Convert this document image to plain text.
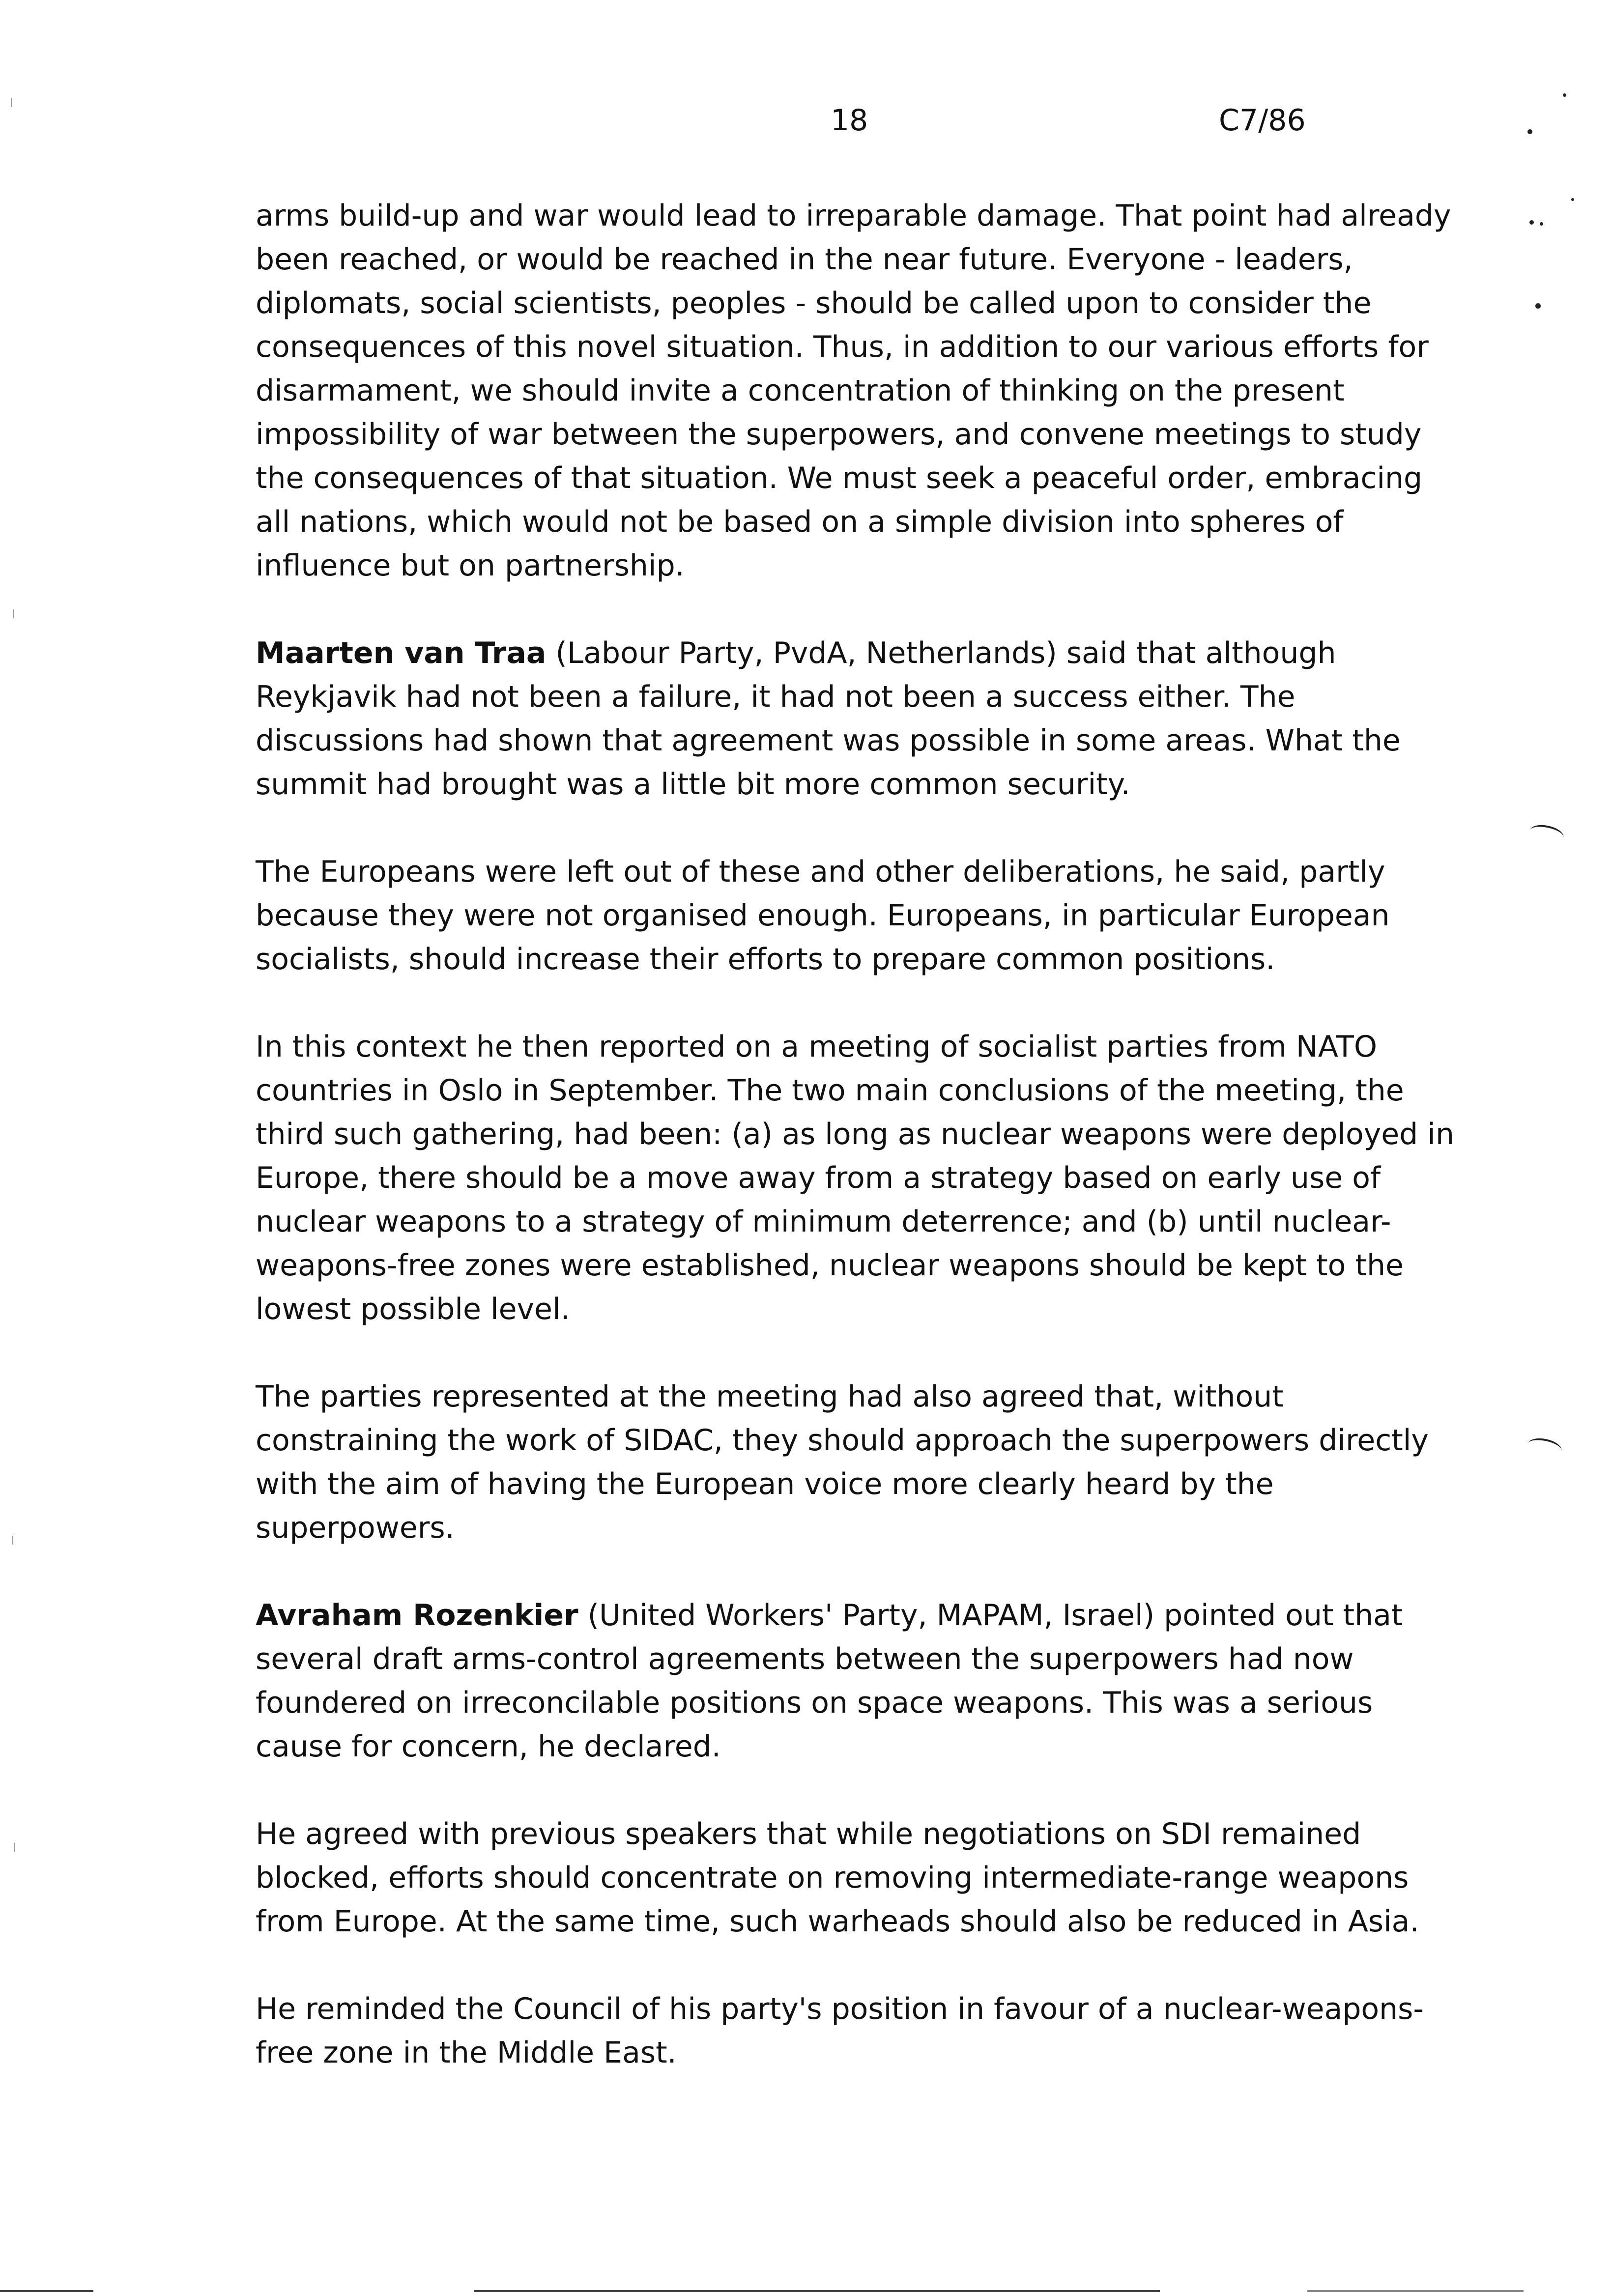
18	C7/86

arms build-up and war would lead to irreparable damage. That point had already been reached, or would be reached in the near future. Everyone - leaders, diplomats, social scientists, peoples - should be called upon to consider the consequences of this novel situation. Thus, in addition to our various efforts for disarmament, we should invite a concentration of thinking on the present impossibility of war between the superpowers, and convene meetings to study the consequences of that situation. We must seek a peaceful order, embracing all nations, which would not be based on a simple division into spheres of influence but on partnership.

Maarten van Traa (Labour Party, PvdA, Netherlands) said that although Reykjavik had not been a failure, it had not been a success either. The discussions had shown that agreement was possible in some areas. What the summit had brought was a little bit more common security.

The Europeans were left out of these and other deliberations, he said, partly because they were not organised enough. Europeans, in particular European socialists, should increase their efforts to prepare common positions.

In this context he then reported on a meeting of socialist parties from NATO countries in Oslo in September. The two main conclusions of the meeting, the third such gathering, had been: (a) as long as nuclear weapons were deployed in Europe, there should be a move away from a strategy based on early use of nuclear weapons to a strategy of minimum deterrence; and (b) until nuclear-weapons-free zones were established, nuclear weapons should be kept to the lowest possible level.

The parties represented at the meeting had also agreed that, without constraining the work of SIDAC, they should approach the superpowers directly with the aim of having the European voice more clearly heard by the superpowers.

Avraham Rozenkier (United Workers' Party, MAPAM, Israel) pointed out that several draft arms-control agreements between the superpowers had now foundered on irreconcilable positions on space weapons. This was a serious cause for concern, he declared.

He agreed with previous speakers that while negotiations on SDI remained blocked, efforts should concentrate on removing intermediate-range weapons from Europe. At the same time, such warheads should also be reduced in Asia.

He reminded the Council of his party's position in favour of a nuclear-weapons-free zone in the Middle East.
